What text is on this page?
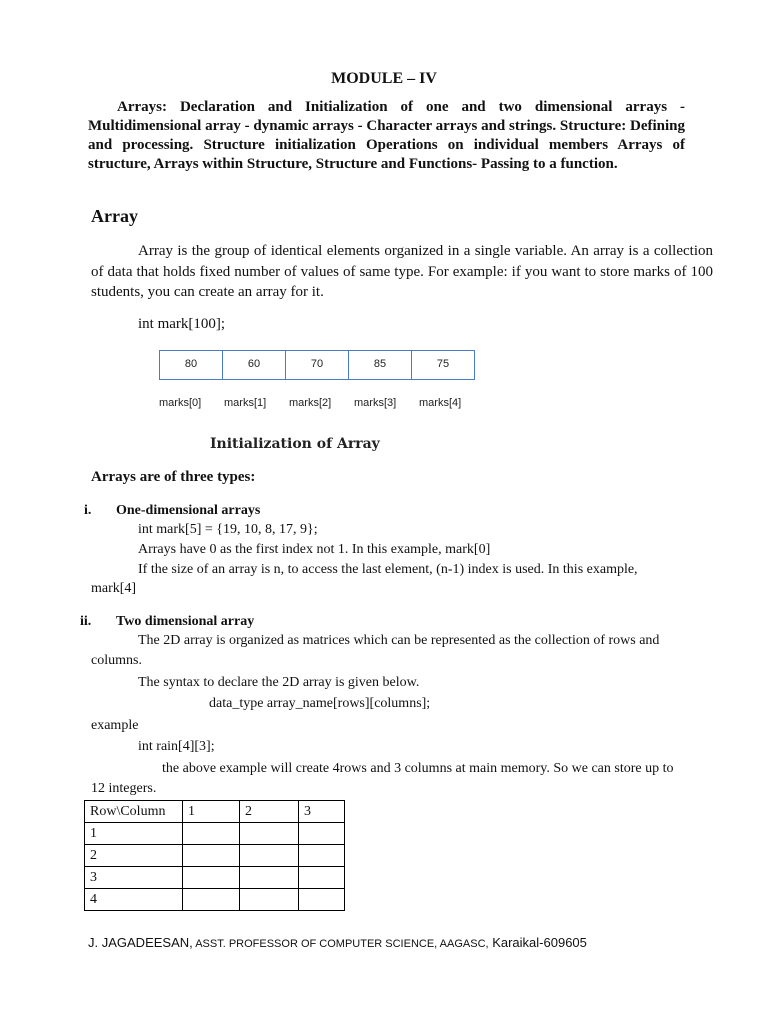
MODULE – IV

Arrays: Declaration and Initialization of one and two dimensional arrays - Multidimensional array - dynamic arrays - Character arrays and strings. Structure: Defining and processing. Structure initialization Operations on individual members Arrays of structure, Arrays within Structure, Structure and Functions- Passing to a function.

Array

Array is the group of identical elements organized in a single variable. An array is a collection of data that holds fixed number of values of same type. For example: if you want to store marks of 100 students, you can create an array for it.

int mark[100];
80	60	70	85	75
marks[0]	marks[1]	marks[2]	marks[3]	marks[4]
Initialization of Array
Arrays are of three types:
i. One-dimensional arrays
int mark[5] = {19, 10, 8, 17, 9};
Arrays have 0 as the first index not 1. In this example, mark[0]
If the size of an array is n, to access the last element, (n-1) index is used. In this example,
mark[4]
ii. Two dimensional array
The 2D array is organized as matrices which can be represented as the collection of rows and
columns.
The syntax to declare the 2D array is given below.
data_type array_name[rows][columns];
example
int rain[4][3];
the above example will create 4rows and 3 columns at main memory. So we can store up to
12 integers.
Row\Column	1	2	3
1			
2			
3			
4			
J. JAGADEESAN, ASST. PROFESSOR OF COMPUTER SCIENCE, AAGASC, Karaikal-609605
